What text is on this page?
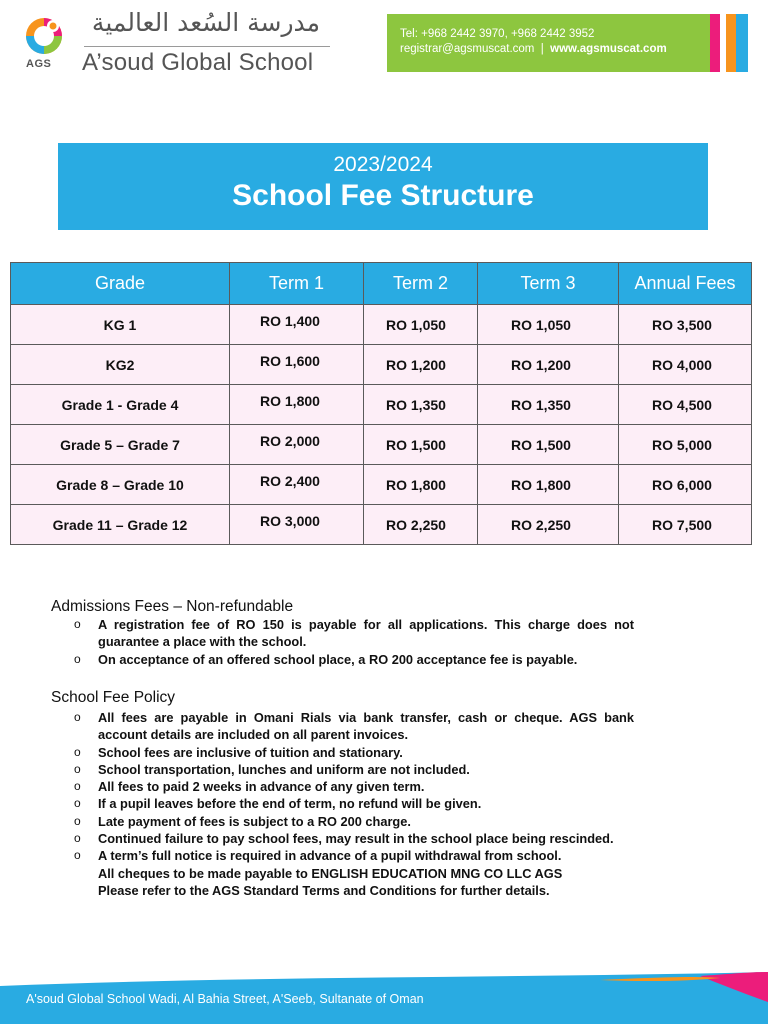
AGS
مدرسة السُعد العالمية
A’soud Global School
Tel: +968 2442 3970, +968 2442 3952
registrar@agsmuscat.com | www.agsmuscat.com
2023/2024
School Fee Structure
Grade	Term 1	Term 2	Term 3	Annual Fees
KG 1	RO 1,400	RO 1,050	RO 1,050	RO 3,500
KG2	RO 1,600	RO 1,200	RO 1,200	RO 4,000
Grade 1 - Grade 4	RO 1,800	RO 1,350	RO 1,350	RO 4,500
Grade 5 – Grade 7	RO 2,000	RO 1,500	RO 1,500	RO 5,000
Grade 8 – Grade 10	RO 2,400	RO 1,800	RO 1,800	RO 6,000
Grade 11 – Grade 12	RO 3,000	RO 2,250	RO 2,250	RO 7,500
Admissions Fees – Non-refundable
o A registration fee of RO 150 is payable for all applications. This charge does not guarantee a place with the school.
o On acceptance of an offered school place, a RO 200 acceptance fee is payable.
School Fee Policy
o All fees are payable in Omani Rials via bank transfer, cash or cheque. AGS bank account details are included on all parent invoices.
o School fees are inclusive of tuition and stationary.
o School transportation, lunches and uniform are not included.
o All fees to paid 2 weeks in advance of any given term.
o If a pupil leaves before the end of term, no refund will be given.
o Late payment of fees is subject to a RO 200 charge.
o Continued failure to pay school fees, may result in the school place being rescinded.
o A term’s full notice is required in advance of a pupil withdrawal from school.
All cheques to be made payable to ENGLISH EDUCATION MNG CO LLC AGS
Please refer to the AGS Standard Terms and Conditions for further details.
A'soud Global School Wadi, Al Bahia Street, A'Seeb, Sultanate of Oman
